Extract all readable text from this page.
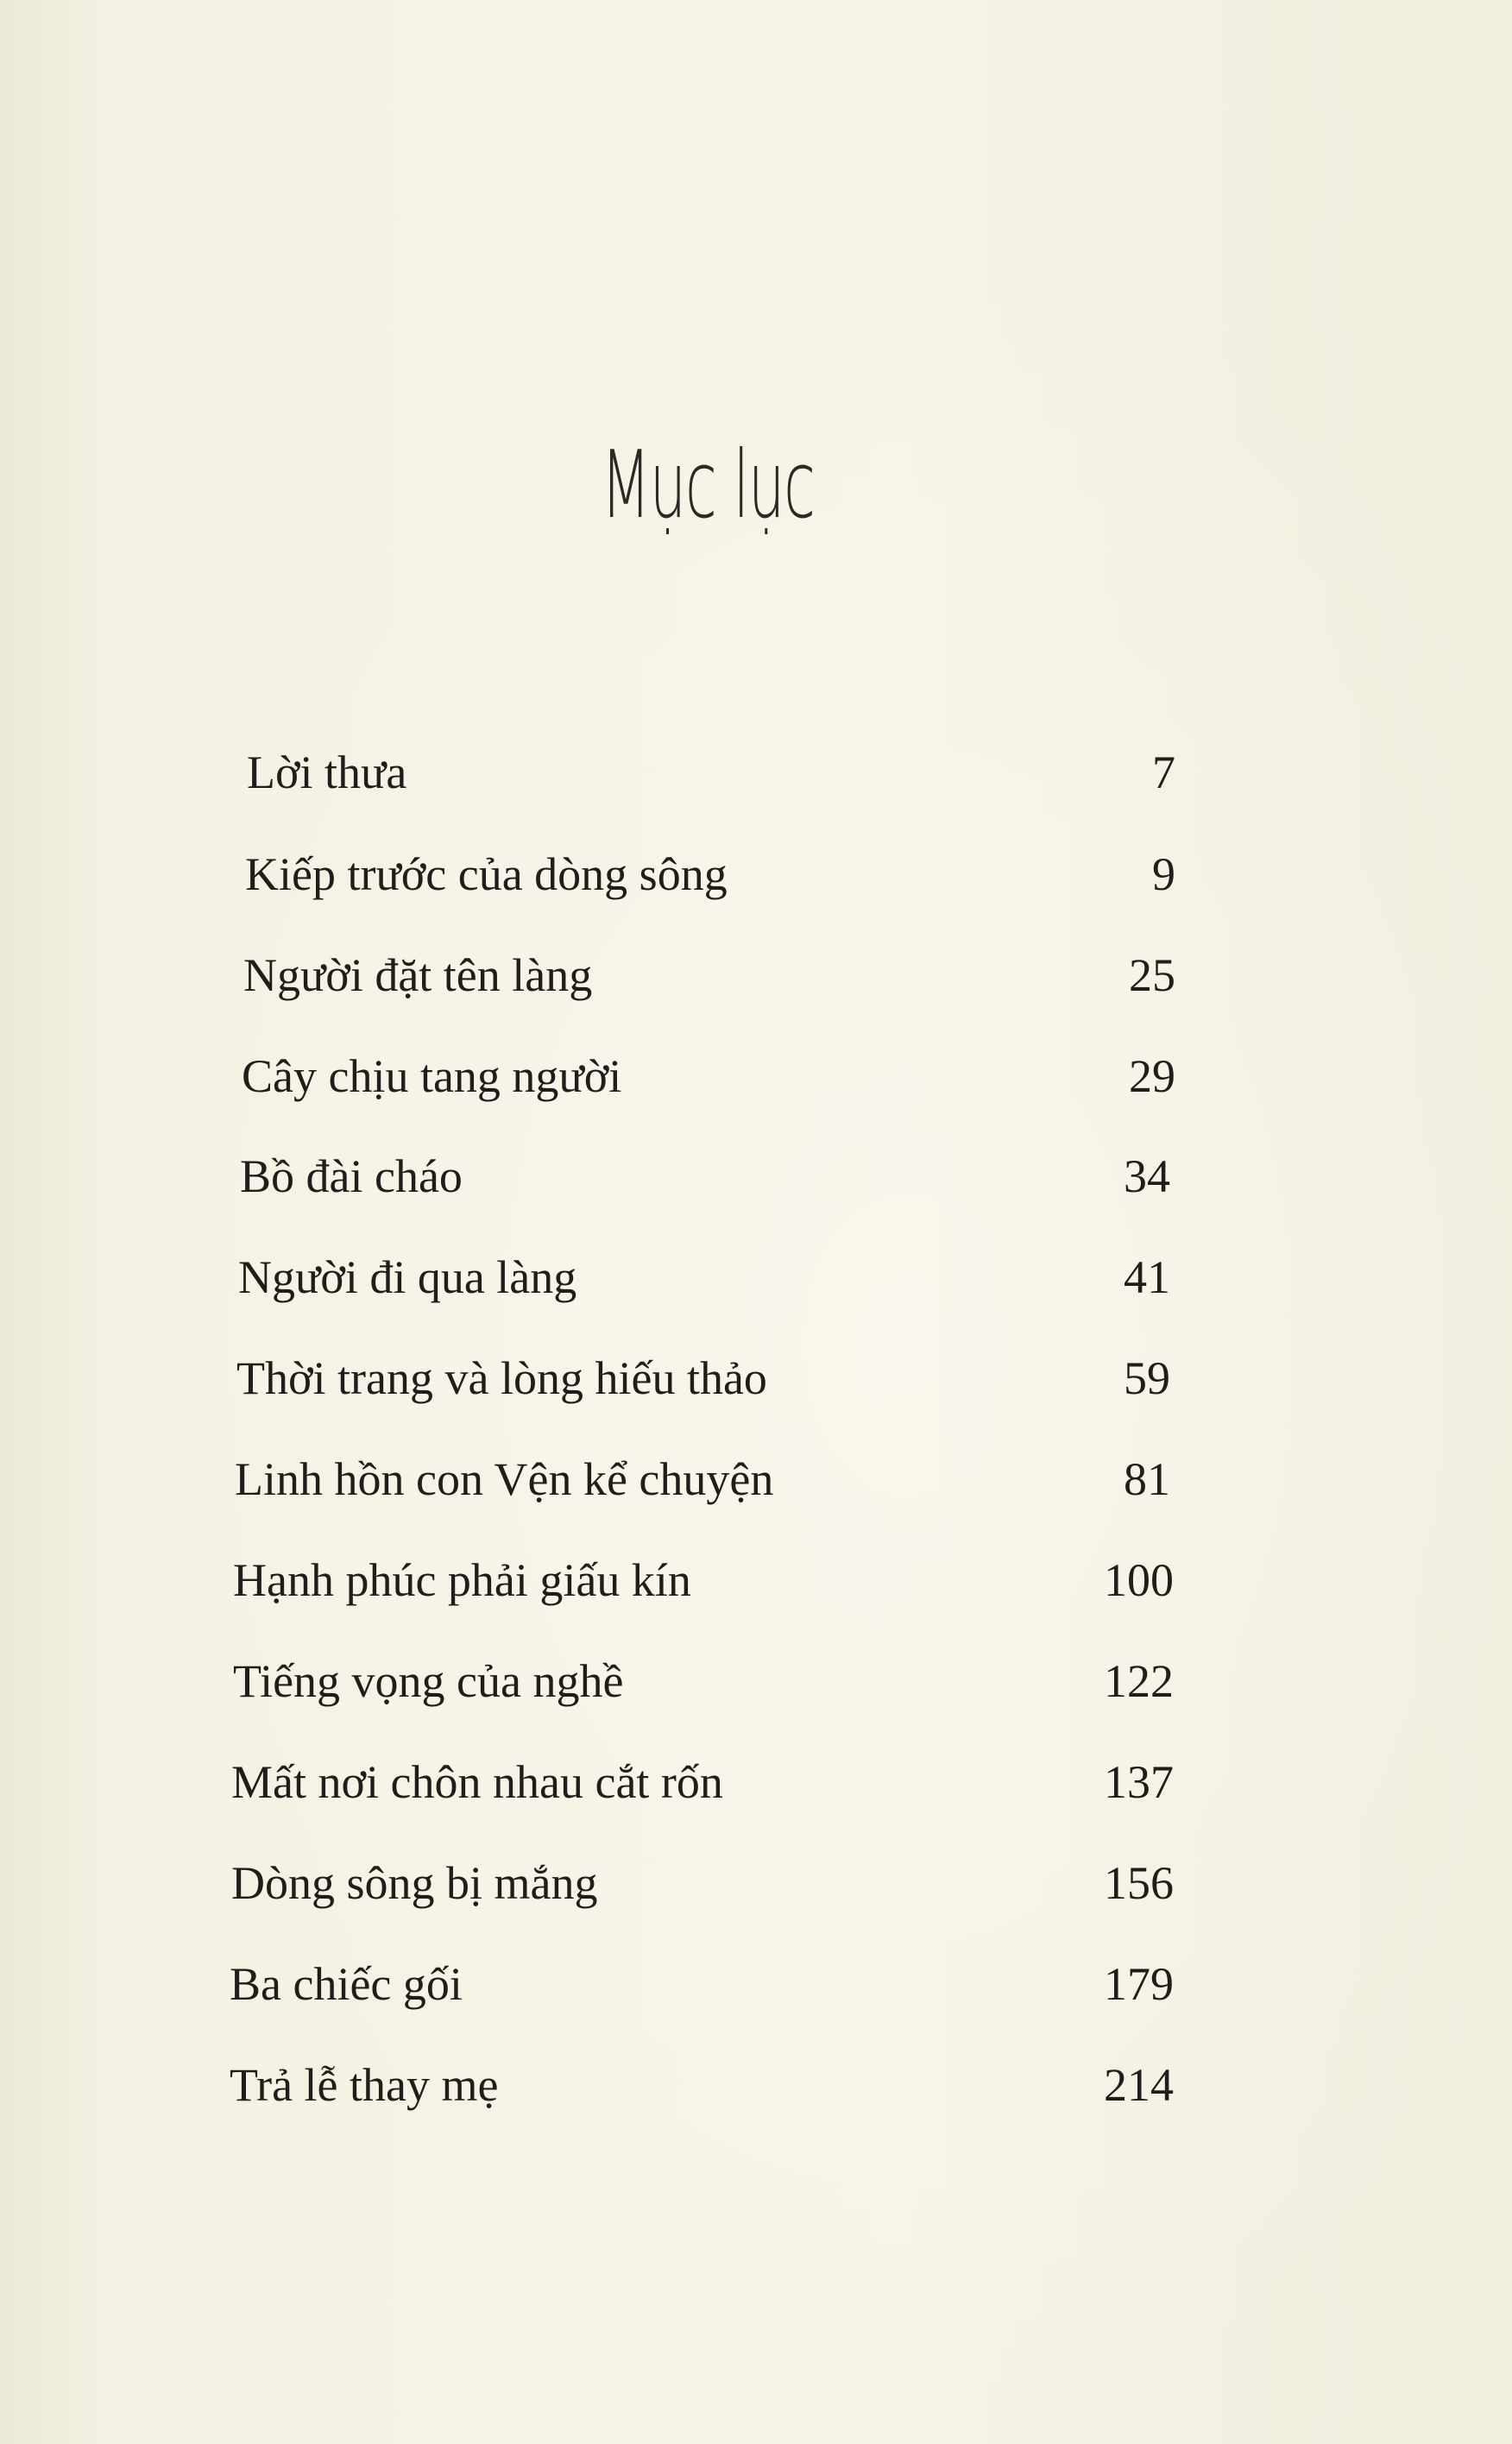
Mục lục
Lời thưa	7
Kiếp trước của dòng sông	9
Người đặt tên làng	25
Cây chịu tang người	29
Bồ đài cháo	34
Người đi qua làng	41
Thời trang và lòng hiếu thảo	59
Linh hồn con Vện kể chuyện	81
Hạnh phúc phải giấu kín	100
Tiếng vọng của nghề	122
Mất nơi chôn nhau cắt rốn	137
Dòng sông bị mắng	156
Ba chiếc gối	179
Trả lễ thay mẹ	214
